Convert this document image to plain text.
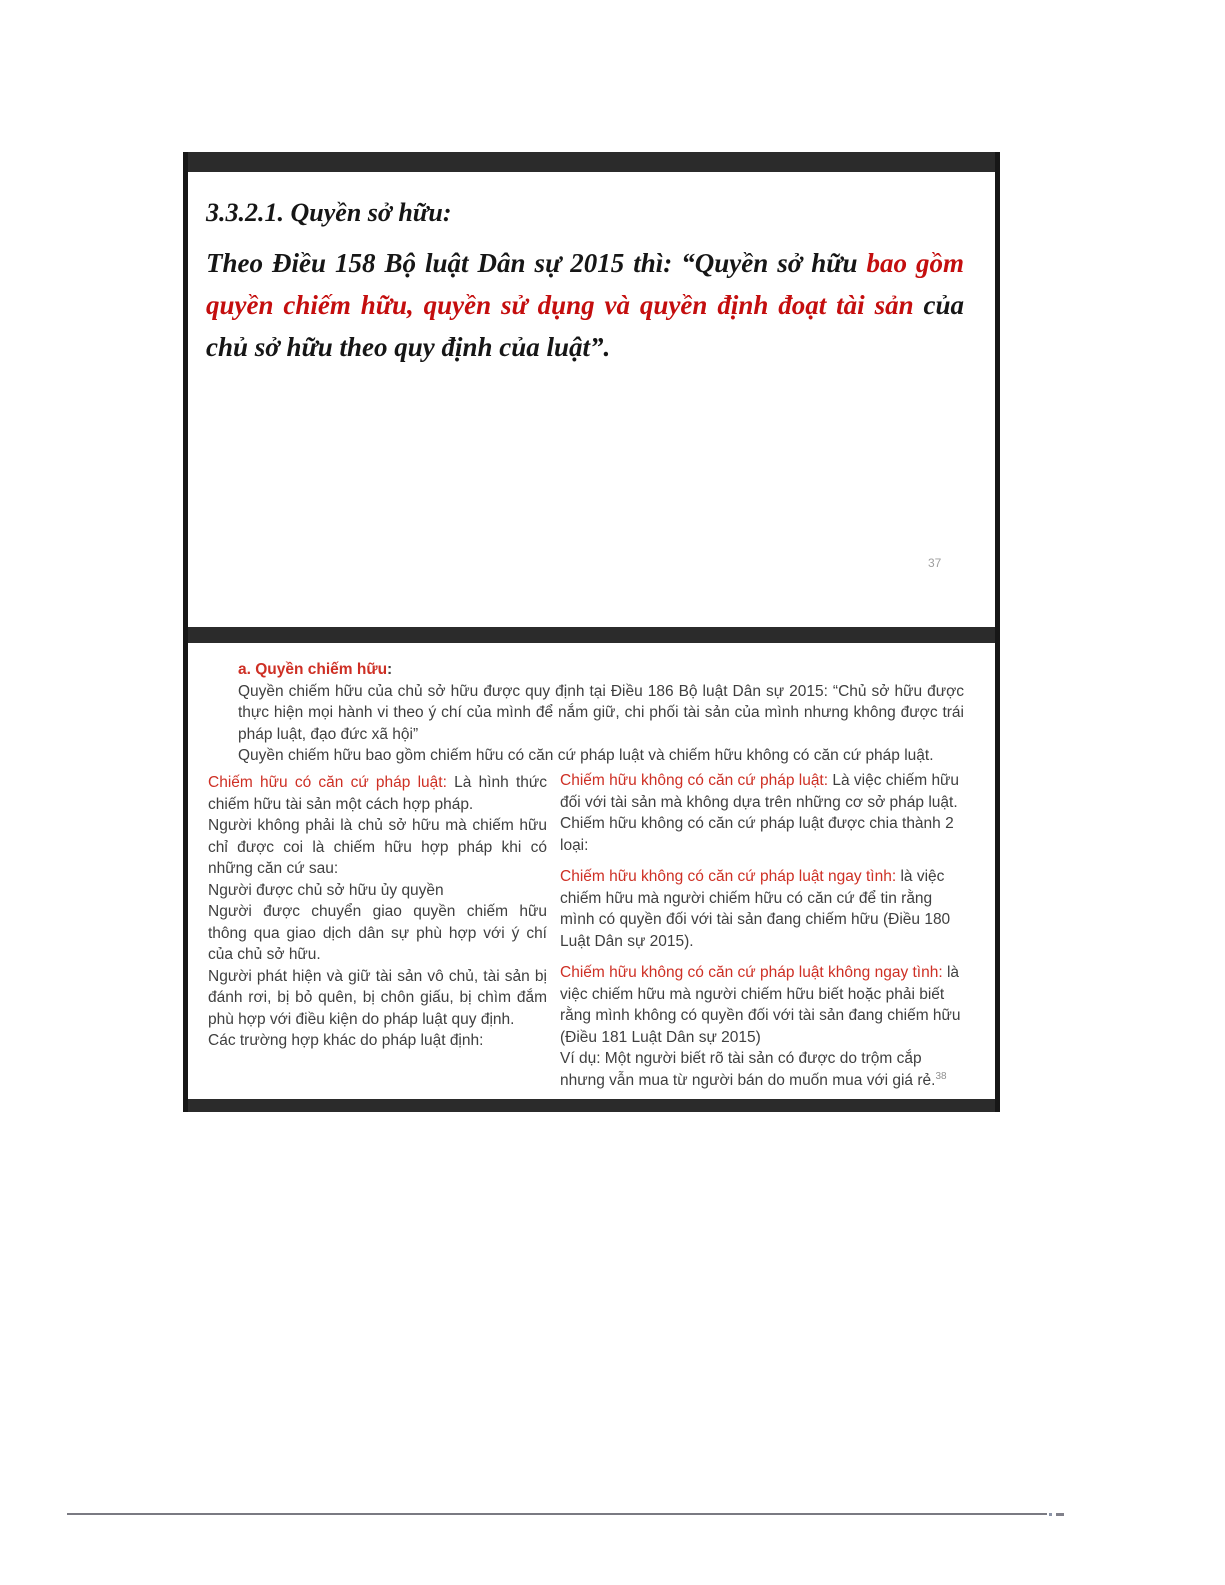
3.3.2.1. Quyền sở hữu:
Theo Điều 158 Bộ luật Dân sự 2015 thì: “Quyền sở hữu bao gồm quyền chiếm hữu, quyền sử dụng và quyền định đoạt tài sản của chủ sở hữu theo quy định của luật”.
37
a. Quyền chiếm hữu:

Quyền chiếm hữu của chủ sở hữu được quy định tại Điều 186 Bộ luật Dân sự 2015: “Chủ sở hữu được thực hiện mọi hành vi theo ý chí của mình để nắm giữ, chi phối tài sản của mình nhưng không được trái pháp luật, đạo đức xã hội”

Quyền chiếm hữu bao gồm chiếm hữu có căn cứ pháp luật và chiếm hữu không có căn cứ pháp luật.

Chiếm hữu có căn cứ pháp luật: Là hình thức chiếm hữu tài sản một cách hợp pháp.

Người không phải là chủ sở hữu mà chiếm hữu chỉ được coi là chiếm hữu hợp pháp khi có những căn cứ sau:

Người được chủ sở hữu ủy quyền

Người được chuyển giao quyền chiếm hữu thông qua giao dịch dân sự phù hợp với ý chí của chủ sở hữu.

Người phát hiện và giữ tài sản vô chủ, tài sản bị đánh rơi, bị bỏ quên, bị chôn giấu, bị chìm đắm phù hợp với điều kiện do pháp luật quy định.

Các trường hợp khác do pháp luật định:

Chiếm hữu không có căn cứ pháp luật: Là việc chiếm hữu đối với tài sản mà không dựa trên những cơ sở pháp luật. Chiếm hữu không có căn cứ pháp luật được chia thành 2 loại:

Chiếm hữu không có căn cứ pháp luật ngay tình: là việc chiếm hữu mà người chiếm hữu có căn cứ để tin rằng mình có quyền đối với tài sản đang chiếm hữu (Điều 180 Luật Dân sự 2015).

Chiếm hữu không có căn cứ pháp luật không ngay tình: là việc chiếm hữu mà người chiếm hữu biết hoặc phải biết rằng mình không có quyền đối với tài sản đang chiếm hữu (Điều 181 Luật Dân sự 2015)

Ví dụ: Một người biết rõ tài sản có được do trộm cắp nhưng vẫn mua từ người bán do muốn mua với giá rẻ.$^{38}$
